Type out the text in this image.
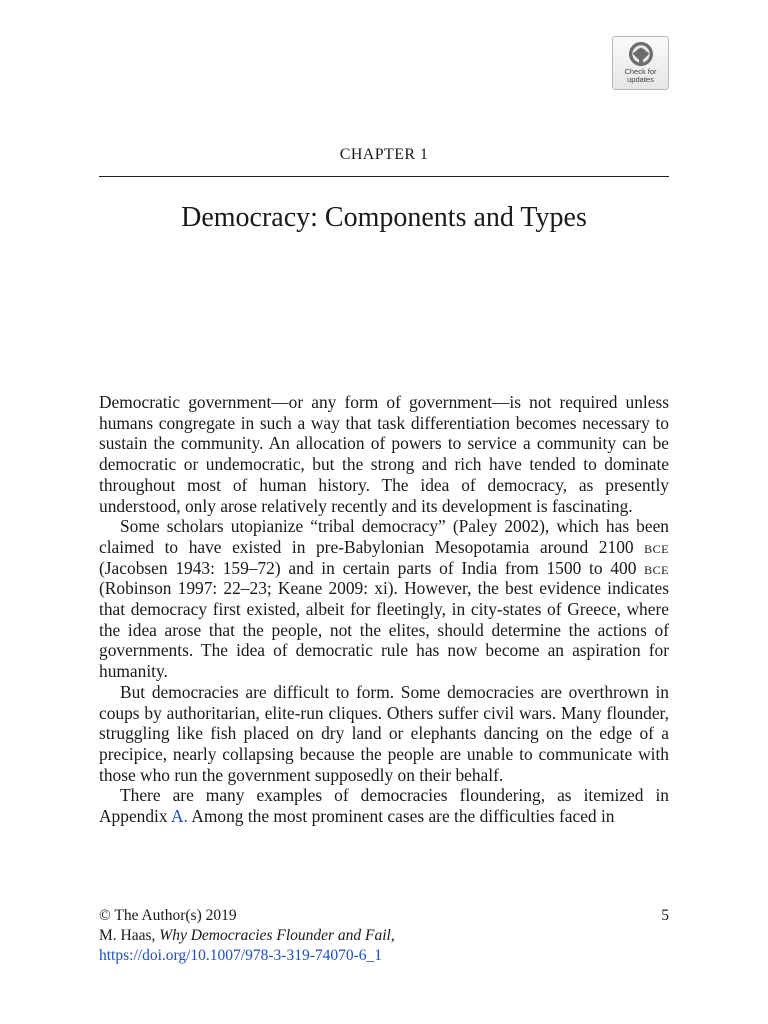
Check for
updates
CHAPTER 1
Democracy: Components and Types

Democratic government—or any form of government—is not required unless humans congregate in such a way that task differentiation becomes necessary to sustain the community. An allocation of powers to service a community can be democratic or undemocratic, but the strong and rich have tended to dominate throughout most of human history. The idea of democracy, as presently understood, only arose relatively recently and its development is fascinating.

Some scholars utopianize “tribal democracy” (Paley 2002), which has been claimed to have existed in pre-Babylonian Mesopotamia around 2100 bce (Jacobsen 1943: 159–72) and in certain parts of India from 1500 to 400 bce (Robinson 1997: 22–23; Keane 2009: xi). However, the best evidence indicates that democracy first existed, albeit for fleetingly, in city-states of Greece, where the idea arose that the people, not the elites, should determine the actions of governments. The idea of democratic rule has now become an aspiration for humanity.

But democracies are difficult to form. Some democracies are overthrown in coups by authoritarian, elite-run cliques. Others suffer civil wars. Many flounder, struggling like fish placed on dry land or elephants dancing on the edge of a precipice, nearly collapsing because the people are unable to communicate with those who run the government supposedly on their behalf.

There are many examples of democracies floundering, as itemized in Appendix A. Among the most prominent cases are the difficulties faced in

5
© The Author(s) 2019
M. Haas, Why Democracies Flounder and Fail,
https://doi.org/10.1007/978-3-319-74070-6_1
